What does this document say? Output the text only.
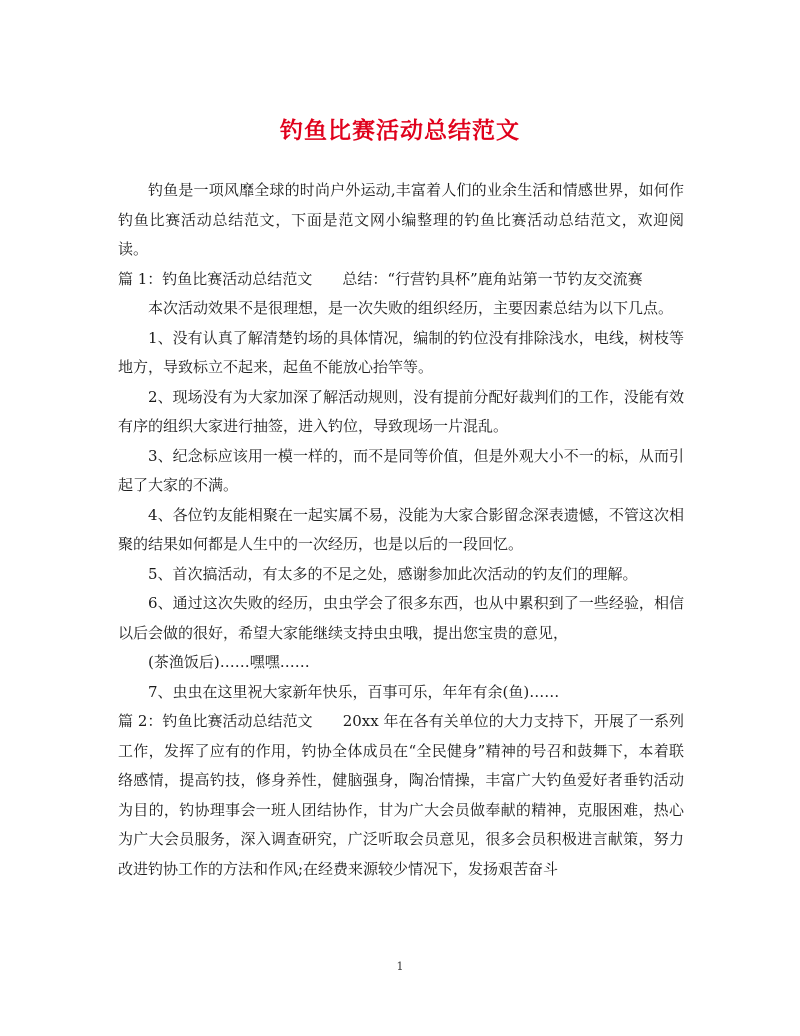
钓鱼比赛活动总结范文

钓鱼是一项风靡全球的时尚户外运动,丰富着人们的业余生活和情感世界，如何作钓鱼比赛活动总结范文，下面是范文网小编整理的钓鱼比赛活动总结范文，欢迎阅读。

篇 1：钓鱼比赛活动总结范文　　总结：“行营钓具杯”鹿角站第一节钓友交流赛

本次活动效果不是很理想，是一次失败的组织经历，主要因素总结为以下几点。

1、没有认真了解清楚钓场的具体情况，编制的钓位没有排除浅水，电线，树枝等地方，导致标立不起来，起鱼不能放心抬竿等。

2、现场没有为大家加深了解活动规则，没有提前分配好裁判们的工作，没能有效有序的组织大家进行抽签，进入钓位，导致现场一片混乱。

3、纪念标应该用一模一样的，而不是同等价值，但是外观大小不一的标，从而引起了大家的不满。

4、各位钓友能相聚在一起实属不易，没能为大家合影留念深表遗憾，不管这次相聚的结果如何都是人生中的一次经历，也是以后的一段回忆。

5、首次搞活动，有太多的不足之处，感谢参加此次活动的钓友们的理解。

6、通过这次失败的经历，虫虫学会了很多东西，也从中累积到了一些经验，相信以后会做的很好，希望大家能继续支持虫虫哦，提出您宝贵的意见，

(茶渔饭后)……嘿嘿……

7、虫虫在这里祝大家新年快乐，百事可乐，年年有余(鱼)……

篇 2：钓鱼比赛活动总结范文　　20xx 年在各有关单位的大力支持下，开展了一系列工作，发挥了应有的作用，钓协全体成员在“全民健身”精神的号召和鼓舞下，本着联络感情，提高钓技，修身养性，健脑强身，陶冶情操，丰富广大钓鱼爱好者垂钓活动为目的，钓协理事会一班人团结协作，甘为广大会员做奉献的精神，克服困难，热心为广大会员服务，深入调查研究，广泛听取会员意见，很多会员积极进言献策，努力改进钓协工作的方法和作风;在经费来源较少情况下，发扬艰苦奋斗

1
